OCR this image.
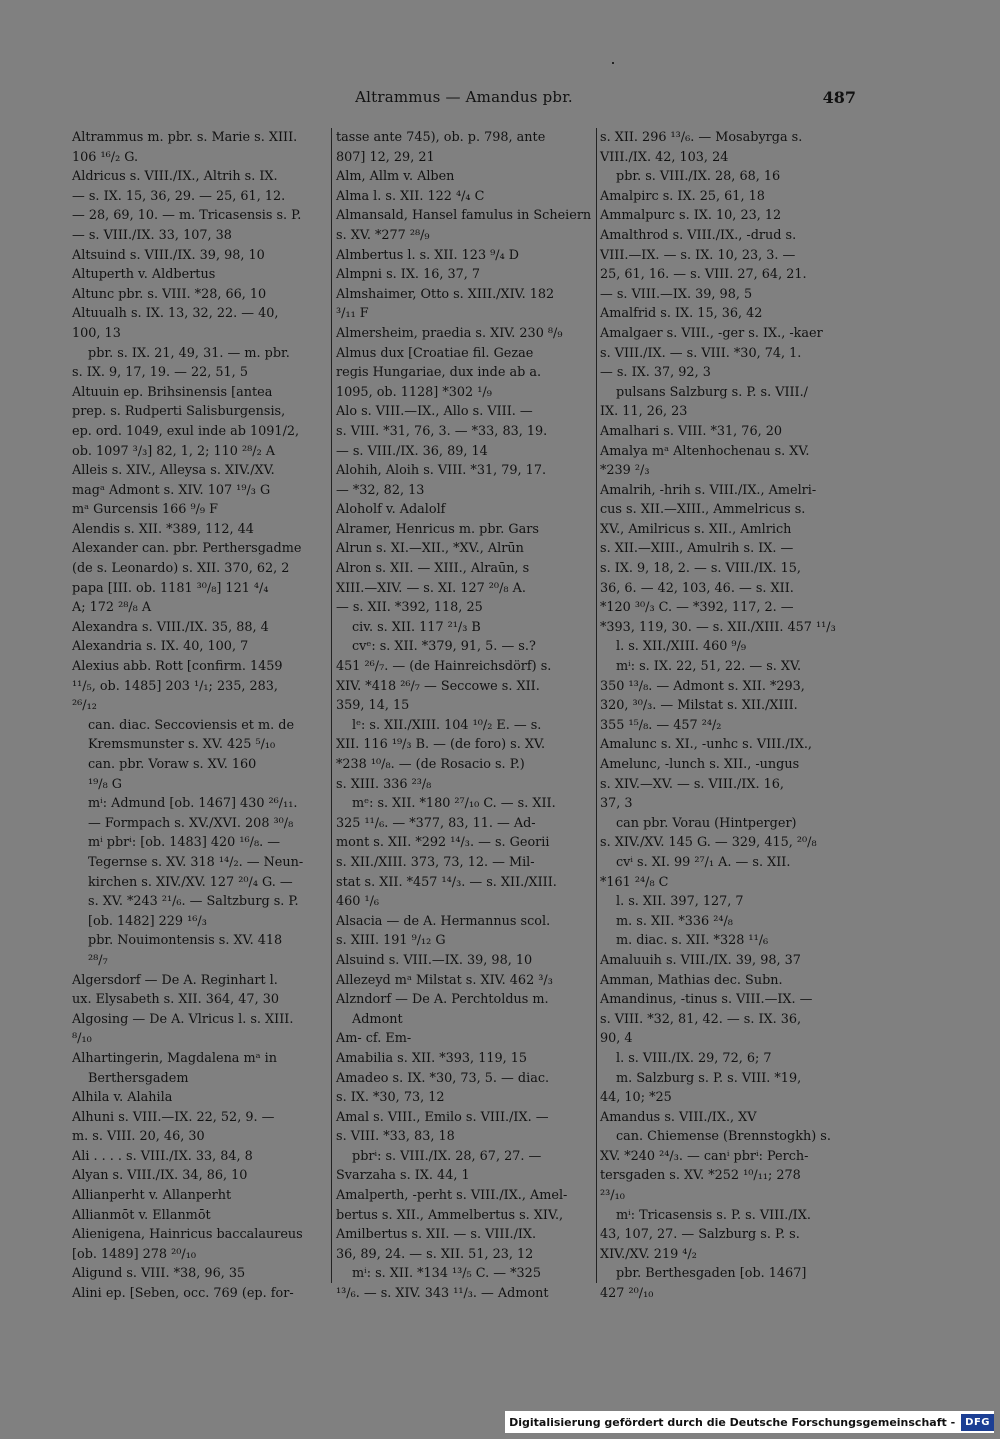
Altrammus — Amandus pbr.	487
Altrammus m. pbr. s. Marie s. XIII.
106 ¹⁶/₂ G.
Aldricus s. VIII./IX., Altrih s. IX.
— s. IX. 15, 36, 29. — 25, 61, 12.
— 28, 69, 10. — m. Tricasensis s. P.
— s. VIII./IX. 33, 107, 38
Altsuind s. VIII./IX. 39, 98, 10
Altuperth v. Aldbertus
Altunc pbr. s. VIII. *28, 66, 10
Altuualh s. IX. 13, 32, 22. — 40,
100, 13
pbr. s. IX. 21, 49, 31. — m. pbr.
s. IX. 9, 17, 19. — 22, 51, 5
Altuuin ep. Brihsinensis [antea
prep. s. Rudperti Salisburgensis,
ep. ord. 1049, exul inde ab 1091/2,
ob. 1097 ³/₃] 82, 1, 2; 110 ²⁸/₂ A
Alleis s. XIV., Alleysa s. XIV./XV.
magᵃ Admont s. XIV. 107 ¹⁹/₃ G
mᵃ Gurcensis 166 ⁹/₉ F
Alendis s. XII. *389, 112, 44
Alexander can. pbr. Perthersgadme
(de s. Leonardo) s. XII. 370, 62, 2
papa [III. ob. 1181 ³⁰/₈] 121 ⁴/₄
A; 172 ²⁸/₈ A
Alexandra s. VIII./IX. 35, 88, 4
Alexandria s. IX. 40, 100, 7
Alexius abb. Rott [confirm. 1459
¹¹/₅, ob. 1485] 203 ¹/₁; 235, 283,
²⁶/₁₂
can. diac. Seccoviensis et m. de
Kremsmunster s. XV. 425 ⁵/₁₀
can. pbr. Voraw s. XV. 160
¹⁹/₈ G
mⁱ: Admund [ob. 1467] 430 ²⁶/₁₁.
— Formpach s. XV./XVI. 208 ³⁰/₈
mⁱ pbrⁱ: [ob. 1483] 420 ¹⁶/₈. —
Tegernse s. XV. 318 ¹⁴/₂. — Neun-
kirchen s. XIV./XV. 127 ²⁰/₄ G. —
s. XV. *243 ²¹/₆. — Saltzburg s. P.
[ob. 1482] 229 ¹⁶/₃
pbr. Nouimontensis s. XV. 418
²⁸/₇
Algersdorf — De A. Reginhart l.
ux. Elysabeth s. XII. 364, 47, 30
Algosing — De A. Vlricus l. s. XIII.
⁸/₁₀
Alhartingerin, Magdalena mᵃ in
Berthersgadem
Alhila v. Alahila
Alhuni s. VIII.—IX. 22, 52, 9. —
m. s. VIII. 20, 46, 30
Ali . . . . s. VIII./IX. 33, 84, 8
Alyan s. VIII./IX. 34, 86, 10
Allianperht v. Allanperht
Allianmōt v. Ellanmōt
Alienigena, Hainricus baccalaureus
[ob. 1489] 278 ²⁰/₁₀
Aligund s. VIII. *38, 96, 35
Alini ep. [Seben, occ. 769 (ep. for-
tasse ante 745), ob. p. 798, ante
807] 12, 29, 21
Alm, Allm v. Alben
Alma l. s. XII. 122 ⁴/₄ C
Almansald, Hansel famulus in Scheiern
s. XV. *277 ²⁸/₉
Almbertus l. s. XII. 123 ⁹/₄ D
Almpni s. IX. 16, 37, 7
Almshaimer, Otto s. XIII./XIV. 182
³/₁₁ F
Almersheim, praedia s. XIV. 230 ⁸/₉
Almus dux [Croatiae fil. Gezae
regis Hungariae, dux inde ab a.
1095, ob. 1128] *302 ¹/₉
Alo s. VIII.—IX., Allo s. VIII. —
s. VIII. *31, 76, 3. — *33, 83, 19.
— s. VIII./IX. 36, 89, 14
Alohih, Aloih s. VIII. *31, 79, 17.
— *32, 82, 13
Aloholf v. Adalolf
Alramer, Henricus m. pbr. Gars
Alrun s. XI.—XII., *XV., Alrūn
Alron s. XII. — XIII., Alraūn, s
XIII.—XIV. — s. XI. 127 ²⁰/₈ A.
— s. XII. *392, 118, 25
civ. s. XII. 117 ²¹/₃ B
cvᵉ: s. XII. *379, 91, 5. — s.?
451 ²⁶/₇. — (de Hainreichsdörf) s.
XIV. *418 ²⁶/₇ — Seccowe s. XII.
359, 14, 15
lᵉ: s. XII./XIII. 104 ¹⁰/₂ E. — s.
XII. 116 ¹⁹/₃ B. — (de foro) s. XV.
*238 ¹⁰/₈. — (de Rosacio s. P.)
s. XIII. 336 ²³/₈
mᵉ: s. XII. *180 ²⁷/₁₀ C. — s. XII.
325 ¹¹/₆. — *377, 83, 11. — Ad-
mont s. XII. *292 ¹⁴/₃. — s. Georii
s. XII./XIII. 373, 73, 12. — Mil-
stat s. XII. *457 ¹⁴/₃. — s. XII./XIII.
460 ¹/₆
Alsacia — de A. Hermannus scol.
s. XIII. 191 ⁹/₁₂ G
Alsuind s. VIII.—IX. 39, 98, 10
Allezeyd mᵃ Milstat s. XIV. 462 ³/₃
Alzndorf — De A. Perchtoldus m.
Admont
Am- cf. Em-
Amabilia s. XII. *393, 119, 15
Amadeo s. IX. *30, 73, 5. — diac.
s. IX. *30, 73, 12
Amal s. VIII., Emilo s. VIII./IX. —
s. VIII. *33, 83, 18
pbrⁱ: s. VIII./IX. 28, 67, 27. —
Svarzaha s. IX. 44, 1
Amalperth, -perht s. VIII./IX., Amel-
bertus s. XII., Ammelbertus s. XIV.,
Amilbertus s. XII. — s. VIII./IX.
36, 89, 24. — s. XII. 51, 23, 12
mⁱ: s. XII. *134 ¹³/₅ C. — *325
¹³/₆. — s. XIV. 343 ¹¹/₃. — Admont
s. XII. 296 ¹³/₆. — Mosabyrga s.
VIII./IX. 42, 103, 24
pbr. s. VIII./IX. 28, 68, 16
Amalpirc s. IX. 25, 61, 18
Ammalpurc s. IX. 10, 23, 12
Amalthrod s. VIII./IX., -drud s.
VIII.—IX. — s. IX. 10, 23, 3. —
25, 61, 16. — s. VIII. 27, 64, 21.
— s. VIII.—IX. 39, 98, 5
Amalfrid s. IX. 15, 36, 42
Amalgaer s. VIII., -ger s. IX., -kaer
s. VIII./IX. — s. VIII. *30, 74, 1.
— s. IX. 37, 92, 3
pulsans Salzburg s. P. s. VIII./
IX. 11, 26, 23
Amalhari s. VIII. *31, 76, 20
Amalya mᵃ Altenhochenau s. XV.
*239 ²/₃
Amalrih, -hrih s. VIII./IX., Amelri-
cus s. XII.—XIII., Ammelricus s.
XV., Amilricus s. XII., Amlrich
s. XII.—XIII., Amulrih s. IX. —
s. IX. 9, 18, 2. — s. VIII./IX. 15,
36, 6. — 42, 103, 46. — s. XII.
*120 ³⁰/₃ C. — *392, 117, 2. —
*393, 119, 30. — s. XII./XIII. 457 ¹¹/₃
l. s. XII./XIII. 460 ⁹/₉
mⁱ: s. IX. 22, 51, 22. — s. XV.
350 ¹³/₈. — Admont s. XII. *293,
320, ³⁰/₃. — Milstat s. XII./XIII.
355 ¹⁵/₈. — 457 ²⁴/₂
Amalunc s. XI., -unhc s. VIII./IX.,
Amelunc, -lunch s. XII., -ungus
s. XIV.—XV. — s. VIII./IX. 16,
37, 3
can pbr. Vorau (Hintperger)
s. XIV./XV. 145 G. — 329, 415, ²⁰/₈
cvⁱ s. XI. 99 ²⁷/₁ A. — s. XII.
*161 ²⁴/₈ C
l. s. XII. 397, 127, 7
m. s. XII. *336 ²⁴/₈
m. diac. s. XII. *328 ¹¹/₆
Amaluuih s. VIII./IX. 39, 98, 37
Amman, Mathias dec. Subn.
Amandinus, -tinus s. VIII.—IX. —
s. VIII. *32, 81, 42. — s. IX. 36,
90, 4
l. s. VIII./IX. 29, 72, 6; 7
m. Salzburg s. P. s. VIII. *19,
44, 10; *25
Amandus s. VIII./IX., XV
can. Chiemense (Brennstogkh) s.
XV. *240 ²⁴/₃. — canⁱ pbrⁱ: Perch-
tersgaden s. XV. *252 ¹⁰/₁₁; 278
²³/₁₀
mⁱ: Tricasensis s. P. s. VIII./IX.
43, 107, 27. — Salzburg s. P. s.
XIV./XV. 219 ⁴/₂
pbr. Berthesgaden [ob. 1467]
427 ²⁰/₁₀
Digitalisierung gefördert durch die Deutsche Forschungsgemeinschaft -	DFG
